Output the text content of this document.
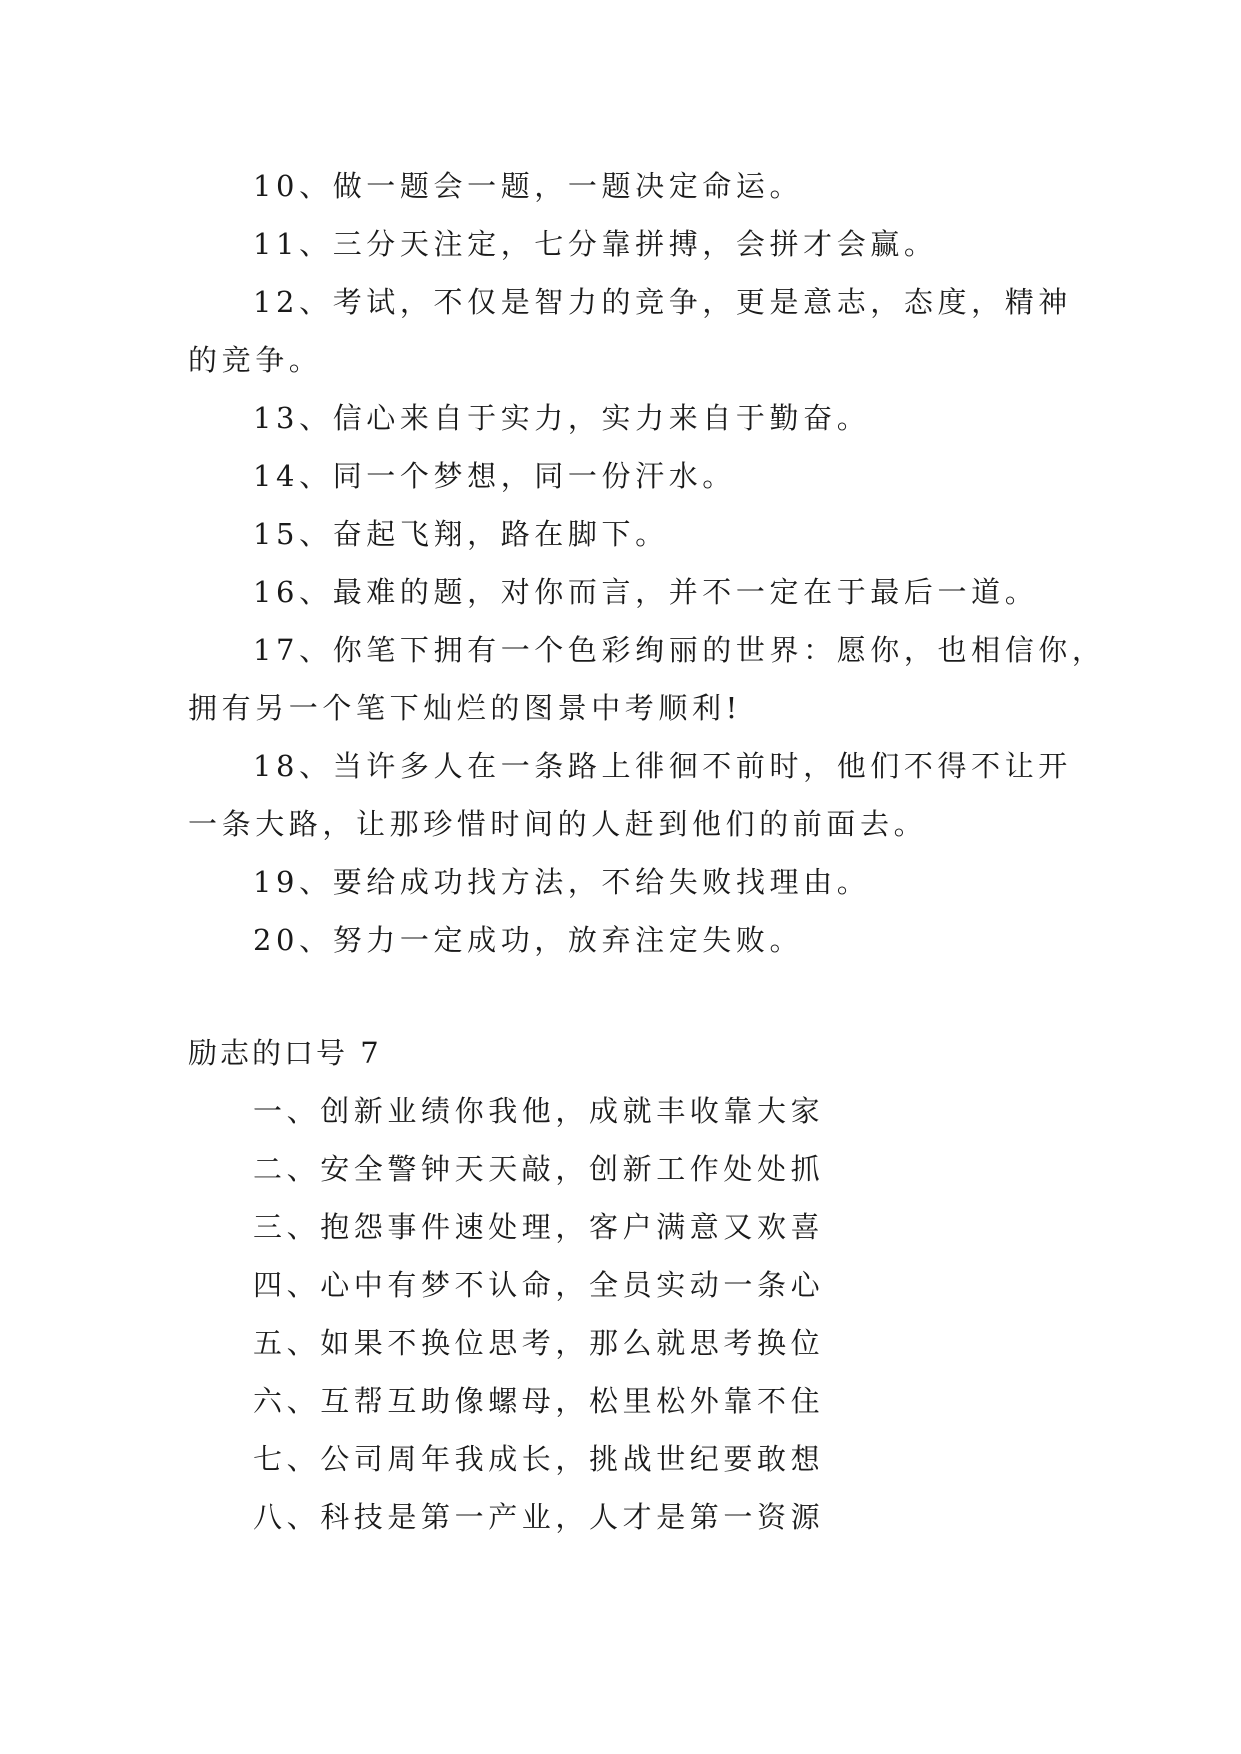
10、做一题会一题，一题决定命运。
11、三分天注定，七分靠拼搏，会拼才会赢。
12、考试，不仅是智力的竞争，更是意志，态度，精神
的竞争。
13、信心来自于实力，实力来自于勤奋。
14、同一个梦想，同一份汗水。
15、奋起飞翔，路在脚下。
16、最难的题，对你而言，并不一定在于最后一道。
17、你笔下拥有一个色彩绚丽的世界：愿你，也相信你，
拥有另一个笔下灿烂的图景中考顺利!
18、当许多人在一条路上徘徊不前时，他们不得不让开
一条大路，让那珍惜时间的人赶到他们的前面去。
19、要给成功找方法，不给失败找理由。
20、努力一定成功，放弃注定失败。
励志的口号 7
一、创新业绩你我他，成就丰收靠大家
二、安全警钟天天敲，创新工作处处抓
三、抱怨事件速处理，客户满意又欢喜
四、心中有梦不认命，全员实动一条心
五、如果不换位思考，那么就思考换位
六、互帮互助像螺母，松里松外靠不住
七、公司周年我成长，挑战世纪要敢想
八、科技是第一产业，人才是第一资源
